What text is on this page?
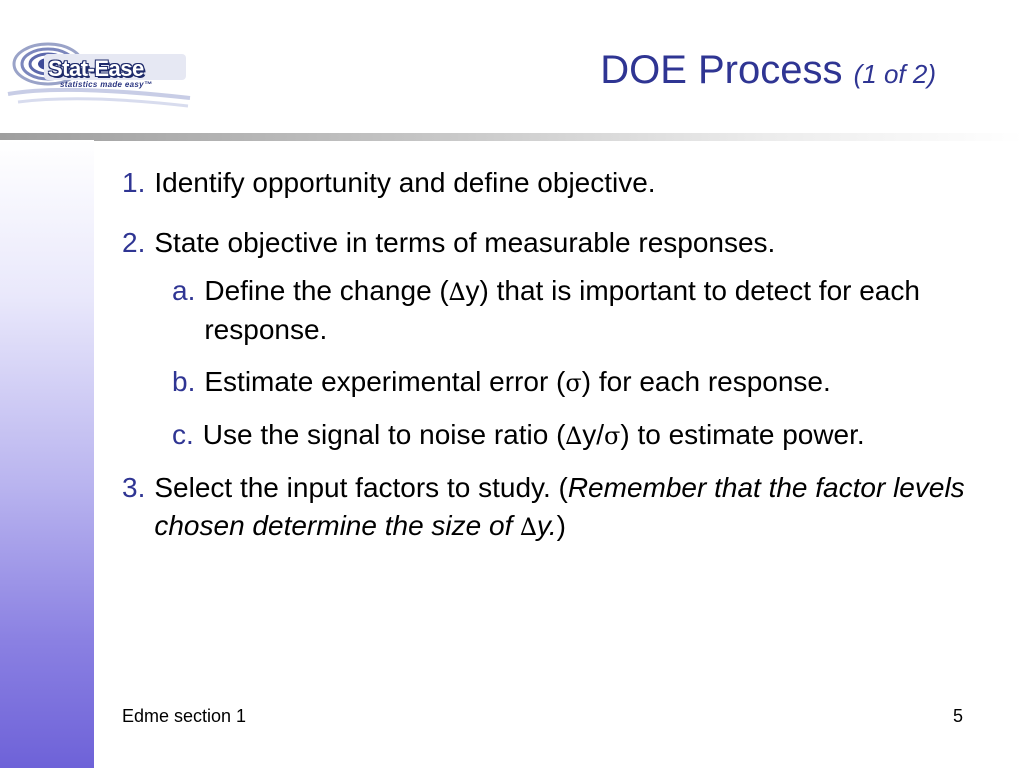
Stat-Ease
statistics made easy™	DOE Process (1 of 2)
1. Identify opportunity and define objective.
2. State objective in terms of measurable responses.
a. Define the change (∆y) that is important to detect for each response.
b. Estimate experimental error (σ) for each response.
c. Use the signal to noise ratio (∆y/σ) to estimate power.
3. Select the input factors to study. (Remember that the factor levels chosen determine the size of ∆y.)
Edme section 1	5
